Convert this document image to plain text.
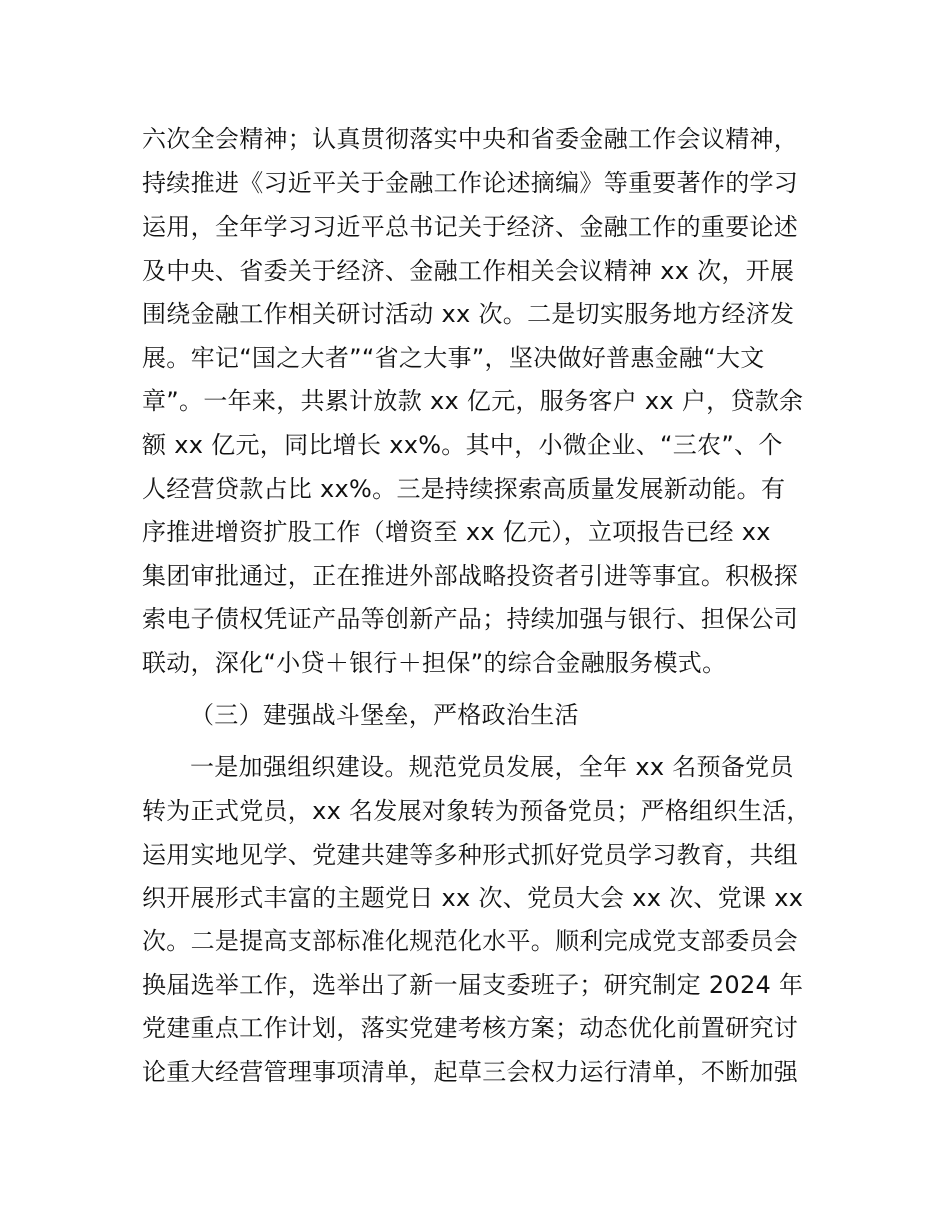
六次全会精神；认真贯彻落实中央和省委金融工作会议精神，
持续推进《习近平关于金融工作论述摘编》等重要著作的学习
运用，全年学习习近平总书记关于经济、金融工作的重要论述
及中央、省委关于经济、金融工作相关会议精神 xx 次，开展
围绕金融工作相关研讨活动 xx 次。二是切实服务地方经济发
展。牢记“国之大者”“省之大事”，坚决做好普惠金融“大文
章”。一年来，共累计放款 xx 亿元，服务客户 xx 户，贷款余
额 xx 亿元，同比增长 xx%。其中，小微企业、“三农”、个
人经营贷款占比 xx%。三是持续探索高质量发展新动能。有
序推进增资扩股工作（增资至 xx 亿元），立项报告已经 xx
集团审批通过，正在推进外部战略投资者引进等事宜。积极探
索电子债权凭证产品等创新产品；持续加强与银行、担保公司
联动，深化“小贷＋银行＋担保”的综合金融服务模式。
（三）建强战斗堡垒，严格政治生活
一是加强组织建设。规范党员发展，全年 xx 名预备党员
转为正式党员，xx 名发展对象转为预备党员；严格组织生活，
运用实地见学、党建共建等多种形式抓好党员学习教育，共组
织开展形式丰富的主题党日 xx 次、党员大会 xx 次、党课 xx
次。二是提高支部标准化规范化水平。顺利完成党支部委员会
换届选举工作，选举出了新一届支委班子；研究制定 2024 年
党建重点工作计划，落实党建考核方案；动态优化前置研究讨
论重大经营管理事项清单，起草三会权力运行清单，不断加强
